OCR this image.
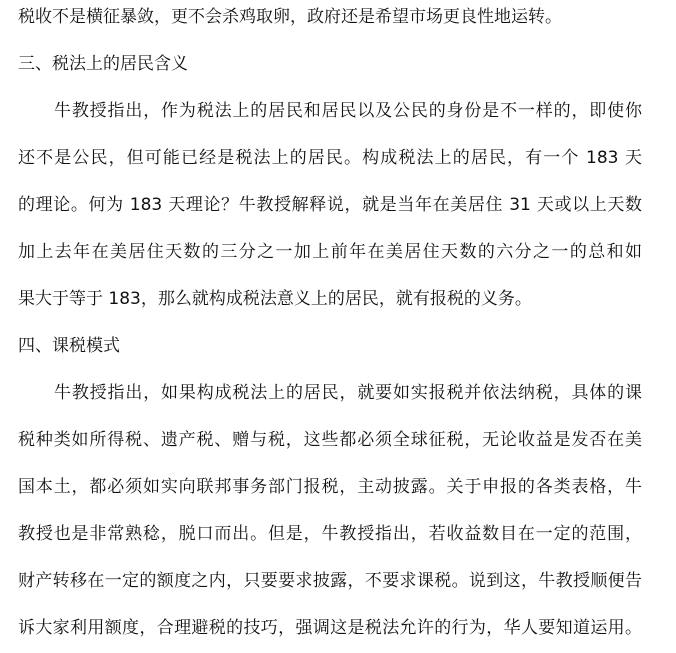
税收不是横征暴敛，更不会杀鸡取卵，政府还是希望市场更良性地运转。
三、税法上的居民含义
牛教授指出，作为税法上的居民和居民以及公民的身份是不一样的，即使你
还不是公民，但可能已经是税法上的居民。构成税法上的居民，有一个 183 天
的理论。何为 183 天理论？牛教授解释说，就是当年在美居住 31 天或以上天数
加上去年在美居住天数的三分之一加上前年在美居住天数的六分之一的总和如
果大于等于 183，那么就构成税法意义上的居民，就有报税的义务。
四、课税模式
牛教授指出，如果构成税法上的居民，就要如实报税并依法纳税，具体的课
税种类如所得税、遗产税、赠与税，这些都必须全球征税，无论收益是发否在美
国本土，都必须如实向联邦事务部门报税，主动披露。关于申报的各类表格，牛
教授也是非常熟稔，脱口而出。但是，牛教授指出，若收益数目在一定的范围，
财产转移在一定的额度之内，只要要求披露，不要求课税。说到这，牛教授顺便告
诉大家利用额度，合理避税的技巧，强调这是税法允许的行为，华人要知道运用。
